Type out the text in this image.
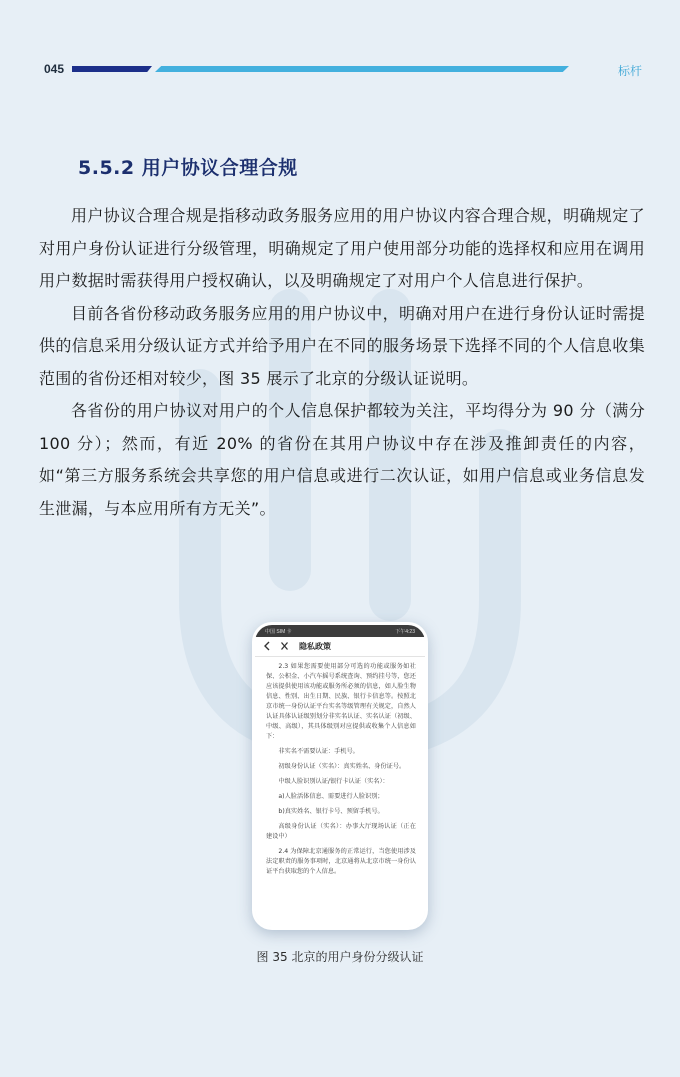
045	标杆
5.5.2 用户协议合理合规

用户协议合理合规是指移动政务服务应用的用户协议内容合理合规，明确规定了对用户身份认证进行分级管理，明确规定了用户使用部分功能的选择权和应用在调用用户数据时需获得用户授权确认，以及明确规定了对用户个人信息进行保护。

目前各省份移动政务服务应用的用户协议中，明确对用户在进行身份认证时需提供的信息采用分级认证方式并给予用户在不同的服务场景下选择不同的个人信息收集范围的省份还相对较少，图 35 展示了北京的分级认证说明。

各省份的用户协议对用户的个人信息保护都较为关注，平均得分为 90 分（满分 100 分）；然而，有近 20% 的省份在其用户协议中存在涉及推卸责任的内容，如“第三方服务系统会共享您的用户信息或进行二次认证，如用户信息或业务信息发生泄漏，与本应用所有方无关”。

中国 SIM 卡	下午4:23
隐私政策

2.3 如果您需要使用部分可选的功能或服务如社保、公积金、小汽车摇号系统查询、预约挂号等，您还应该提供使用该功能或服务所必须的信息，如人脸生物信息、性别、出生日期、民族、银行卡信息等。按照北京市统一身份认证平台实名等级管理有关规定，自然人认证具体认证级别划分非实名认证、实名认证（初级、中级、高级），其具体级别对应提供或收集个人信息如下：

非实名不需要认证：手机号。

初级身份认证（实名）：真实姓名、身份证号。

中级人脸识别认证/银行卡认证（实名）：

a)人脸活体信息、需要进行人脸识别；

b)真实姓名、银行卡号、预留手机号。

高级身份认证（实名）：办事大厅现场认证（正在建设中）

2.4 为保障北京通服务的正常运行，当您使用涉及法定职责的服务事项时，北京通将从北京市统一身份认证平台获取您的个人信息。

图 35 北京的用户身份分级认证
